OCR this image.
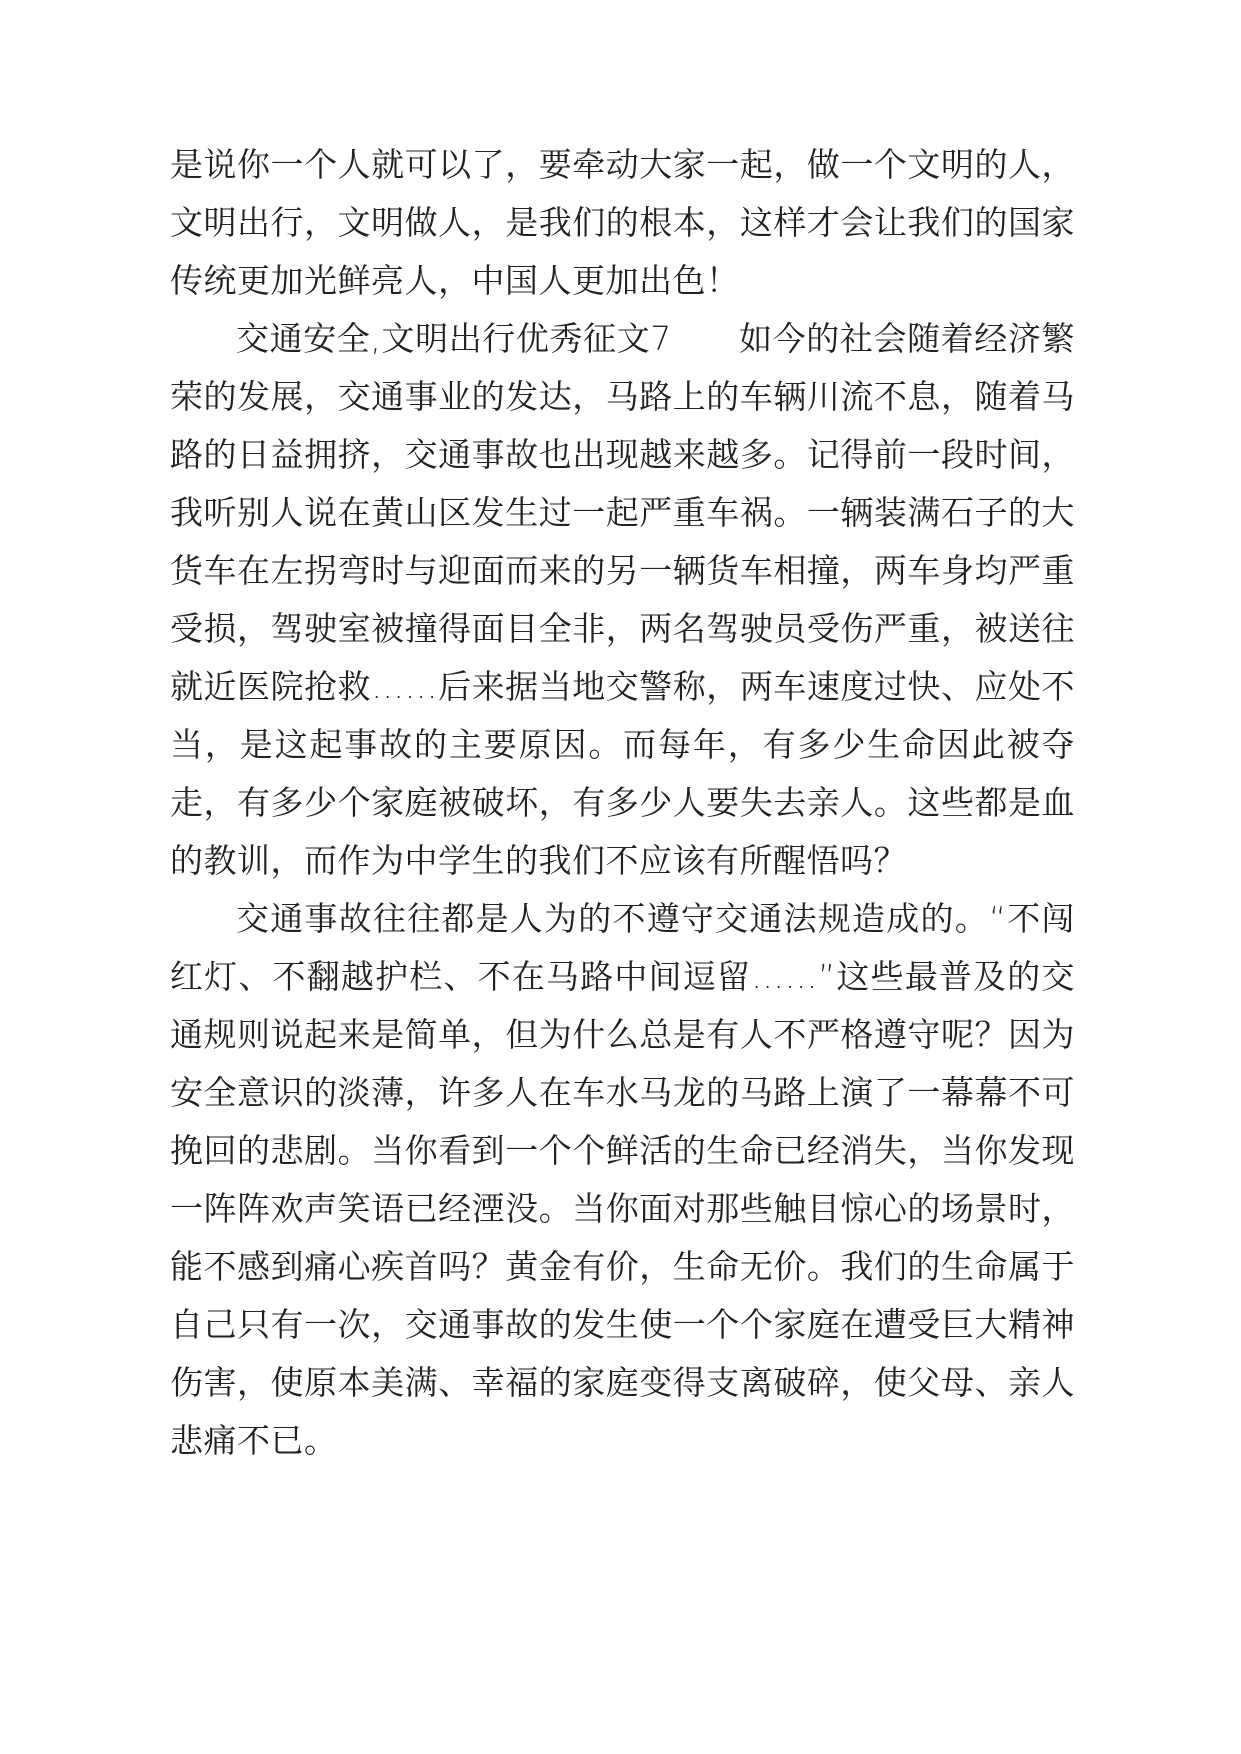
是说你一个人就可以了，要牵动大家一起，做一个文明的人，文明出行，文明做人，是我们的根本，这样才会让我们的国家传统更加光鲜亮人，中国人更加出色！

交通安全,文明出行优秀征文7　　如今的社会随着经济繁荣的发展，交通事业的发达，马路上的车辆川流不息，随着马路的日益拥挤，交通事故也出现越来越多。记得前一段时间，我听别人说在黄山区发生过一起严重车祸。一辆装满石子的大货车在左拐弯时与迎面而来的另一辆货车相撞，两车身均严重受损，驾驶室被撞得面目全非，两名驾驶员受伤严重，被送往就近医院抢救……后来据当地交警称，两车速度过快、应处不当，是这起事故的主要原因。而每年，有多少生命因此被夺走，有多少个家庭被破坏，有多少人要失去亲人。这些都是血的教训，而作为中学生的我们不应该有所醒悟吗？

交通事故往往都是人为的不遵守交通法规造成的。“不闯红灯、不翻越护栏、不在马路中间逗留……”这些最普及的交通规则说起来是简单，但为什么总是有人不严格遵守呢？因为安全意识的淡薄，许多人在车水马龙的马路上演了一幕幕不可挽回的悲剧。当你看到一个个鲜活的生命已经消失，当你发现一阵阵欢声笑语已经湮没。当你面对那些触目惊心的场景时，能不感到痛心疾首吗？黄金有价，生命无价。我们的生命属于自己只有一次，交通事故的发生使一个个家庭在遭受巨大精神伤害，使原本美满、幸福的家庭变得支离破碎，使父母、亲人悲痛不已。
